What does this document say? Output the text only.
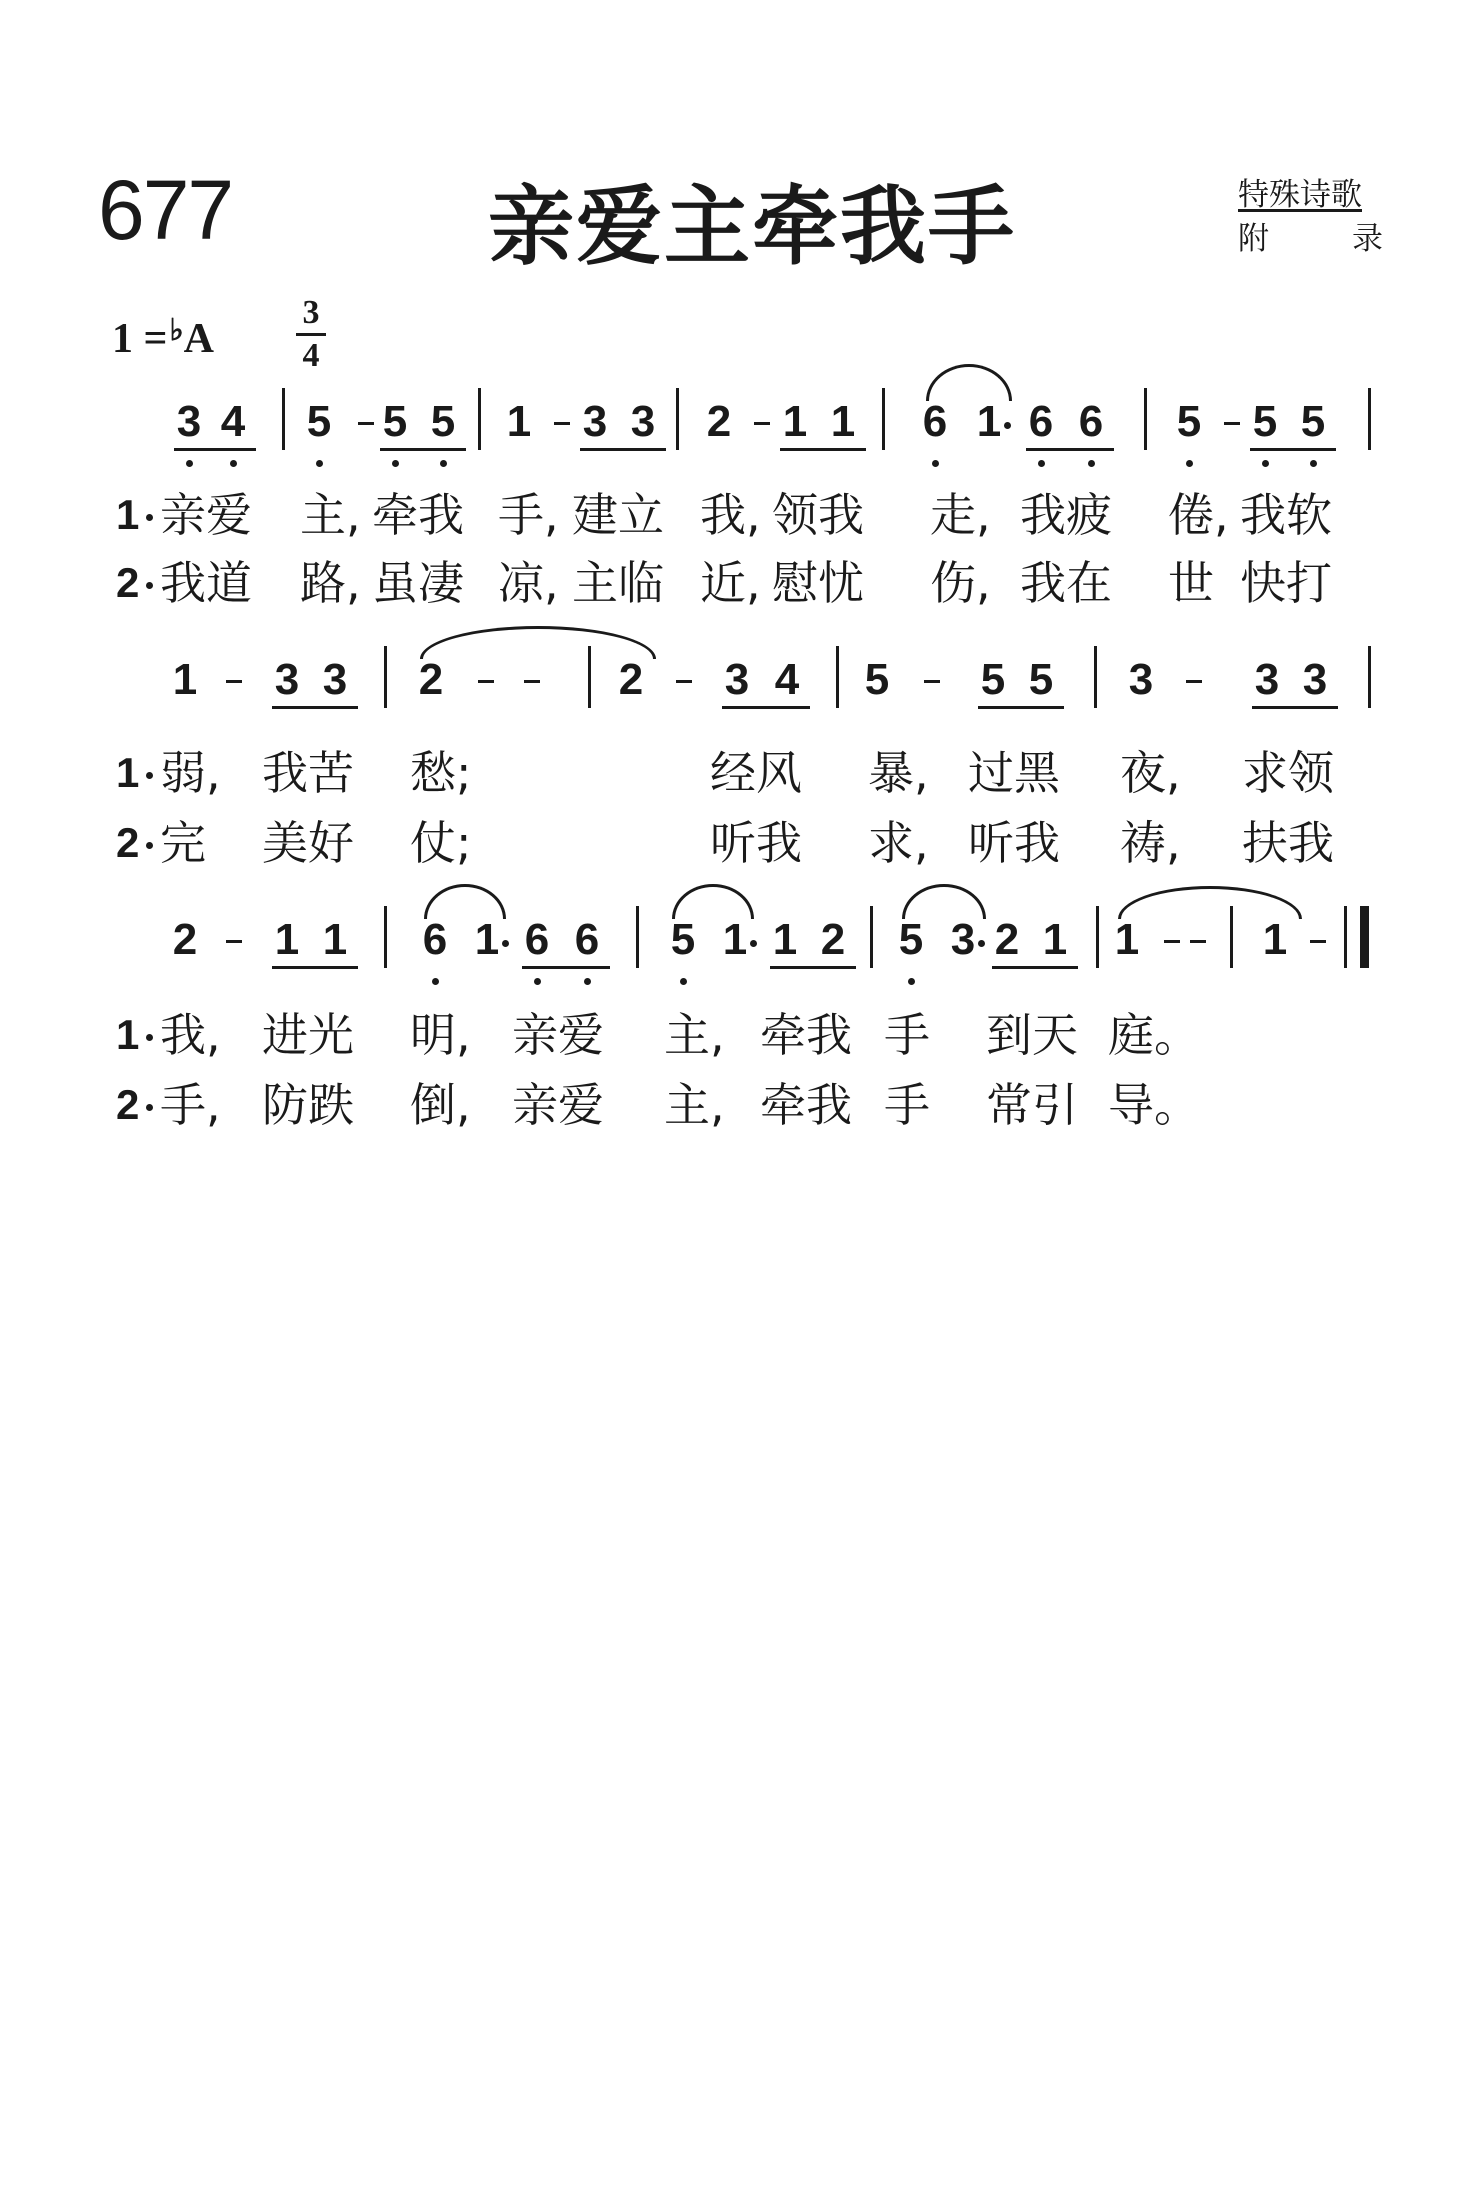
677	亲爱主牵我手	特殊诗歌
附	录
1 =♭A
3
4
3 4 5 5 5 1 3 3 2 1 1 6 1 6 6 5 5 5
1 3 3 2	2 3 4 5 5 5 3 3 3
2 1 1 6 1 6 6 5 1 1 2 5 3 2 1 1	1
1 亲爱 主, 牵我 手, 建立 我, 领我 走, 我疲 倦, 我软
2 我道 路, 虽凄 凉, 主临 近, 慰忧 伤, 我在 世 快打
1 弱, 我苦 愁;	经风 暴, 过黑 夜, 求领
2 完 美好 仗;	听我 求, 听我 祷, 扶我
1 我, 进光 明, 亲爱 主, 牵我 手 到天 庭。
2 手, 防跌 倒, 亲爱 主, 牵我 手 常引 导。
